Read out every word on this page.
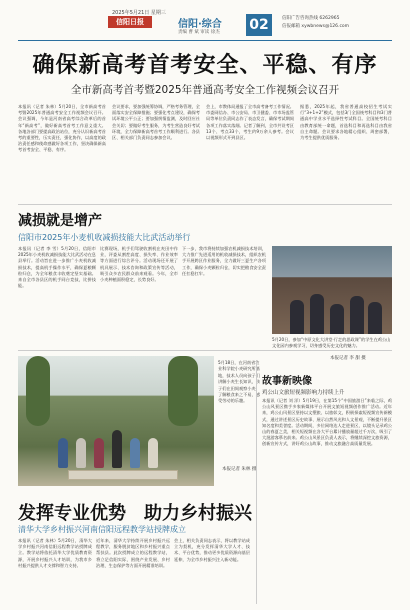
2025年5月21日 星期三
信阳日报	信阳·综合
责编 曹 斌 审读 徐杰 02	信阳广告咨询热线 6262965
信报邮箱 xywbnews@126.com
确保新高考首考安全、平稳、有序
全市新高考首考暨2025年普通高考安全工作视频会议召开
本报讯（记者 朱林）5月20日，全市新高考首考暨2025年普通高考安全工作视频会议召开。会议强调，今年是河南省高考综合改革后的首年“新高考”，做好新高考首考工作意义重大。各地各部门要提高政治站位，充分认识新高考首考的重要性，压实责任，强化协作，以高度的政治责任感和使命感做好各项工作，坚决确保新高考首考安全、平稳、有序。
会议要求，要加强统筹协调，严格考务管理，全面落实安全保障措施；要强化考点建设，确保考试环境公平公正；要加强舆情监测，及时回应社会关切；要做好考生服务，为考生营造良好考试环境，全力保障新高考首考工作顺利进行。各县区、相关部门负责同志参加会议。
会上，市教体局通报了全市高考备考工作情况。市委网信办、市公安局、市卫健委、市市场监管局等单位负责同志作了表态发言，确保考试期间各项工作落实落细。记者了解到，全市共设考区13个、考点33个，考生约9万余人参考。会议以视频形式开到县区。
据悉，2025年起，我省普通高校招生考试实行“3+1+2”模式，包括3门全国统考科目和3门普通高中学业水平选择性考试科目。全国统考科目由教育部统一命题，首选科目和再选科目由我省自主命题。会议要求各地精心组织、周密部署，为考生提供优质服务。
减损就是增产
信阳市2025年小麦机收减损技能大比武活动举行
本报讯（记者 李 雪）5月20日，信阳市2025年小麦机收减损技能大比武活动在息县举行。活动旨在进一步推广小麦机收减损技术，提高机手操作水平，确保夏粮颗粒归仓，为全年粮食丰收奠定坚实基础。来自全市各县区的机手同台竞技，比拼技能。
比赛现场，机手们驾驶收割机在麦田中作业，评委从割茬高度、损失率、作业效率等方面进行综合评分。活动现场还开展了机具展示、技术咨询和政策宣传等活动，吸引众多农民群众前来观看。今年，全市小麦种植面积稳定，长势良好。
下一步，我市将持续加强农机减损技术培训，大力推广先进适用的机收减损技术，组织农机手开展跨区作业服务，全力做好三夏生产各项工作，确保小麦颗粒归仓，切实把粮食安全责任扛稳扛牢。
5月20日，参加“中原文化大讲堂·行走的思政课”的学生在鸡公山文化园内参观学习，切身感受历史文化的魅力。
本报记者 李 甜 摄
5月18日，在河南省农业科学院小麦研究所基地，技术人员向孩子们讲解小麦生长知识，孩子们在田间观察小麦，了解粮食来之不易，感受劳动的乐趣。
本报记者 朱林 摄
故事新映像
鸡公山文旅短视频影响力持续上升
本报讯（记者 刘 洋）5月19日，在第15个“中国旅游日”来临之际，鸡公山风景区携手多家新媒体平台开展文旅短视频创作推广活动。近年来，鸡公山风景区坚持以文塑旅、以旅彰文，积极探索短视频宣传新模式，通过讲述景区历史故事、展示自然风光和人文景观，不断提升景区知名度和美誉度。活动期间，多位网络达人走进景区，以镜头记录鸡公山的春夏之美，相关短视频在各大平台累计播放量超过千万次，吸引了大批游客慕名前来。鸡公山风景区负责人表示，将继续深挖文旅资源，创新宣传方式，讲好鸡公山故事，推动文旅融合高质量发展。
发挥专业优势　助力乡村振兴
清华大学乡村振兴河南信阳远程教学站授牌成立
本报讯（记者 朱林）5月20日，清华大学乡村振兴河南信阳远程教学站授牌成立。教学站将依托清华大学优质教育资源，开展乡村振兴人才培训，为我市乡村振兴提供人才支撑和智力支持。
近年来，清华大学持续开展乡村振兴远程教学，服务脱贫地区和乡村振兴重点帮扶县。此次授牌成立的远程教学站，将立足信阳实际，围绕产业发展、乡村治理、生态保护等方面开展精准培训。
会上，相关负责同志表示，将以教学站成立为契机，充分发挥清华大学人才、技术、平台优势，推动更多优质资源向基层延伸，为全市乡村振兴注入新动能。
